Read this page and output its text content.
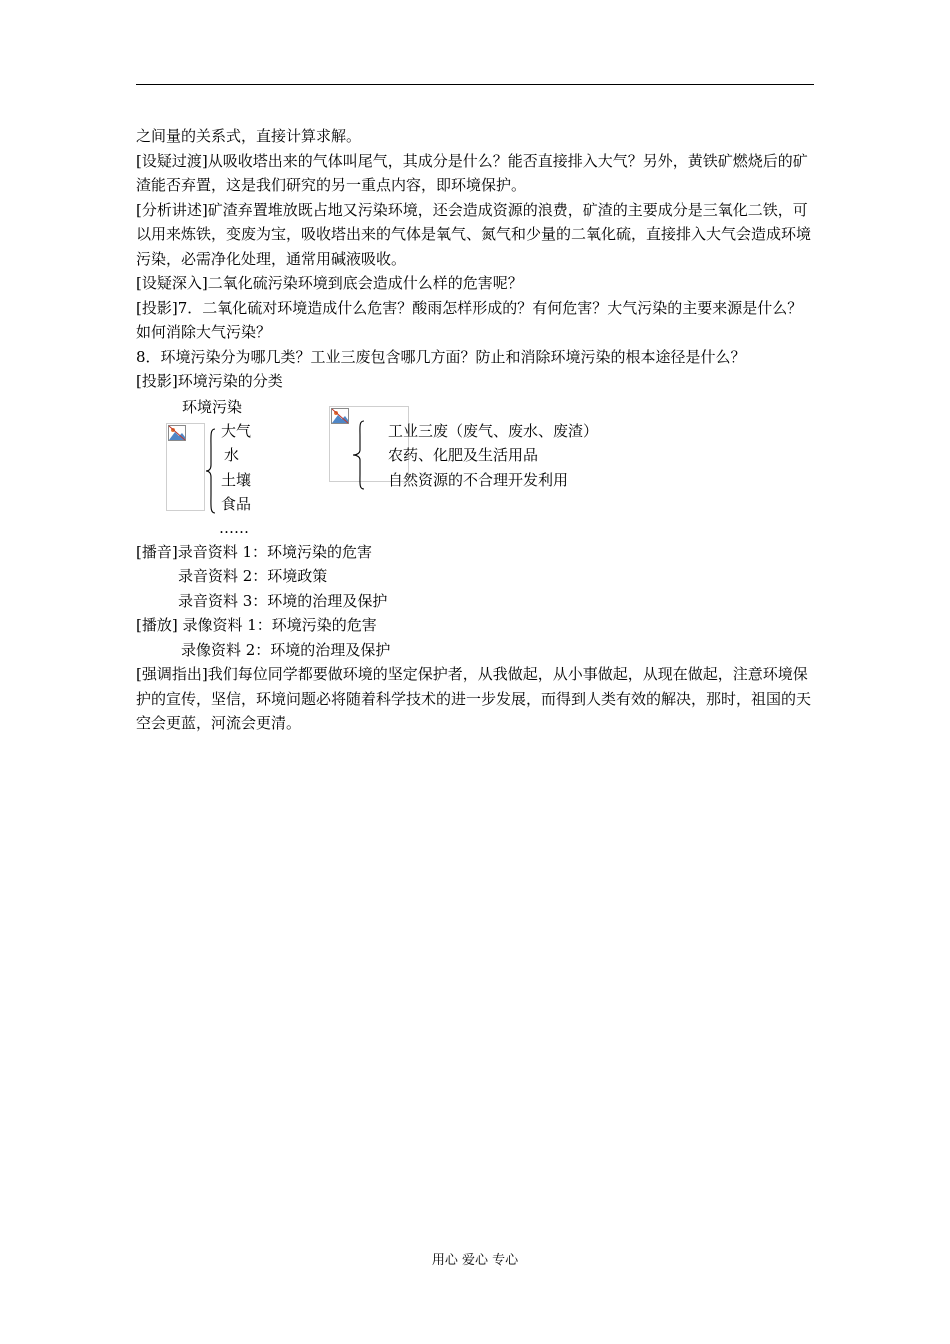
之间量的关系式，直接计算求解。

[设疑过渡]从吸收塔出来的气体叫尾气，其成分是什么？能否直接排入大气？另外，黄铁矿燃烧后的矿渣能否弃置，这是我们研究的另一重点内容，即环境保护。

[分析讲述]矿渣弃置堆放既占地又污染环境，还会造成资源的浪费，矿渣的主要成分是三氧化二铁，可以用来炼铁，变废为宝，吸收塔出来的气体是氧气、氮气和少量的二氧化硫，直接排入大气会造成环境污染，必需净化处理，通常用碱液吸收。

[设疑深入]二氧化硫污染环境到底会造成什么样的危害呢？

[投影]7．二氧化硫对环境造成什么危害？酸雨怎样形成的？有何危害？大气污染的主要来源是什么？如何消除大气污染？

8．环境污染分为哪几类？工业三废包含哪几方面？防止和消除环境污染的根本途径是什么？

[投影]环境污染的分类

环境污染
大气
水
土壤
食品
……
工业三废（废气、废水、废渣）
农药、化肥及生活用品
自然资源的不合理开发利用

[播音]录音资料 1：环境污染的危害

录音资料 2：环境政策

录音资料 3：环境的治理及保护

[播放] 录像资料 1：环境污染的危害

录像资料 2：环境的治理及保护

[强调指出]我们每位同学都要做环境的坚定保护者，从我做起，从小事做起，从现在做起，注意环境保护的宣传，坚信，环境问题必将随着科学技术的进一步发展，而得到人类有效的解决，那时，祖国的天空会更蓝，河流会更清。

用心 爱心 专心
